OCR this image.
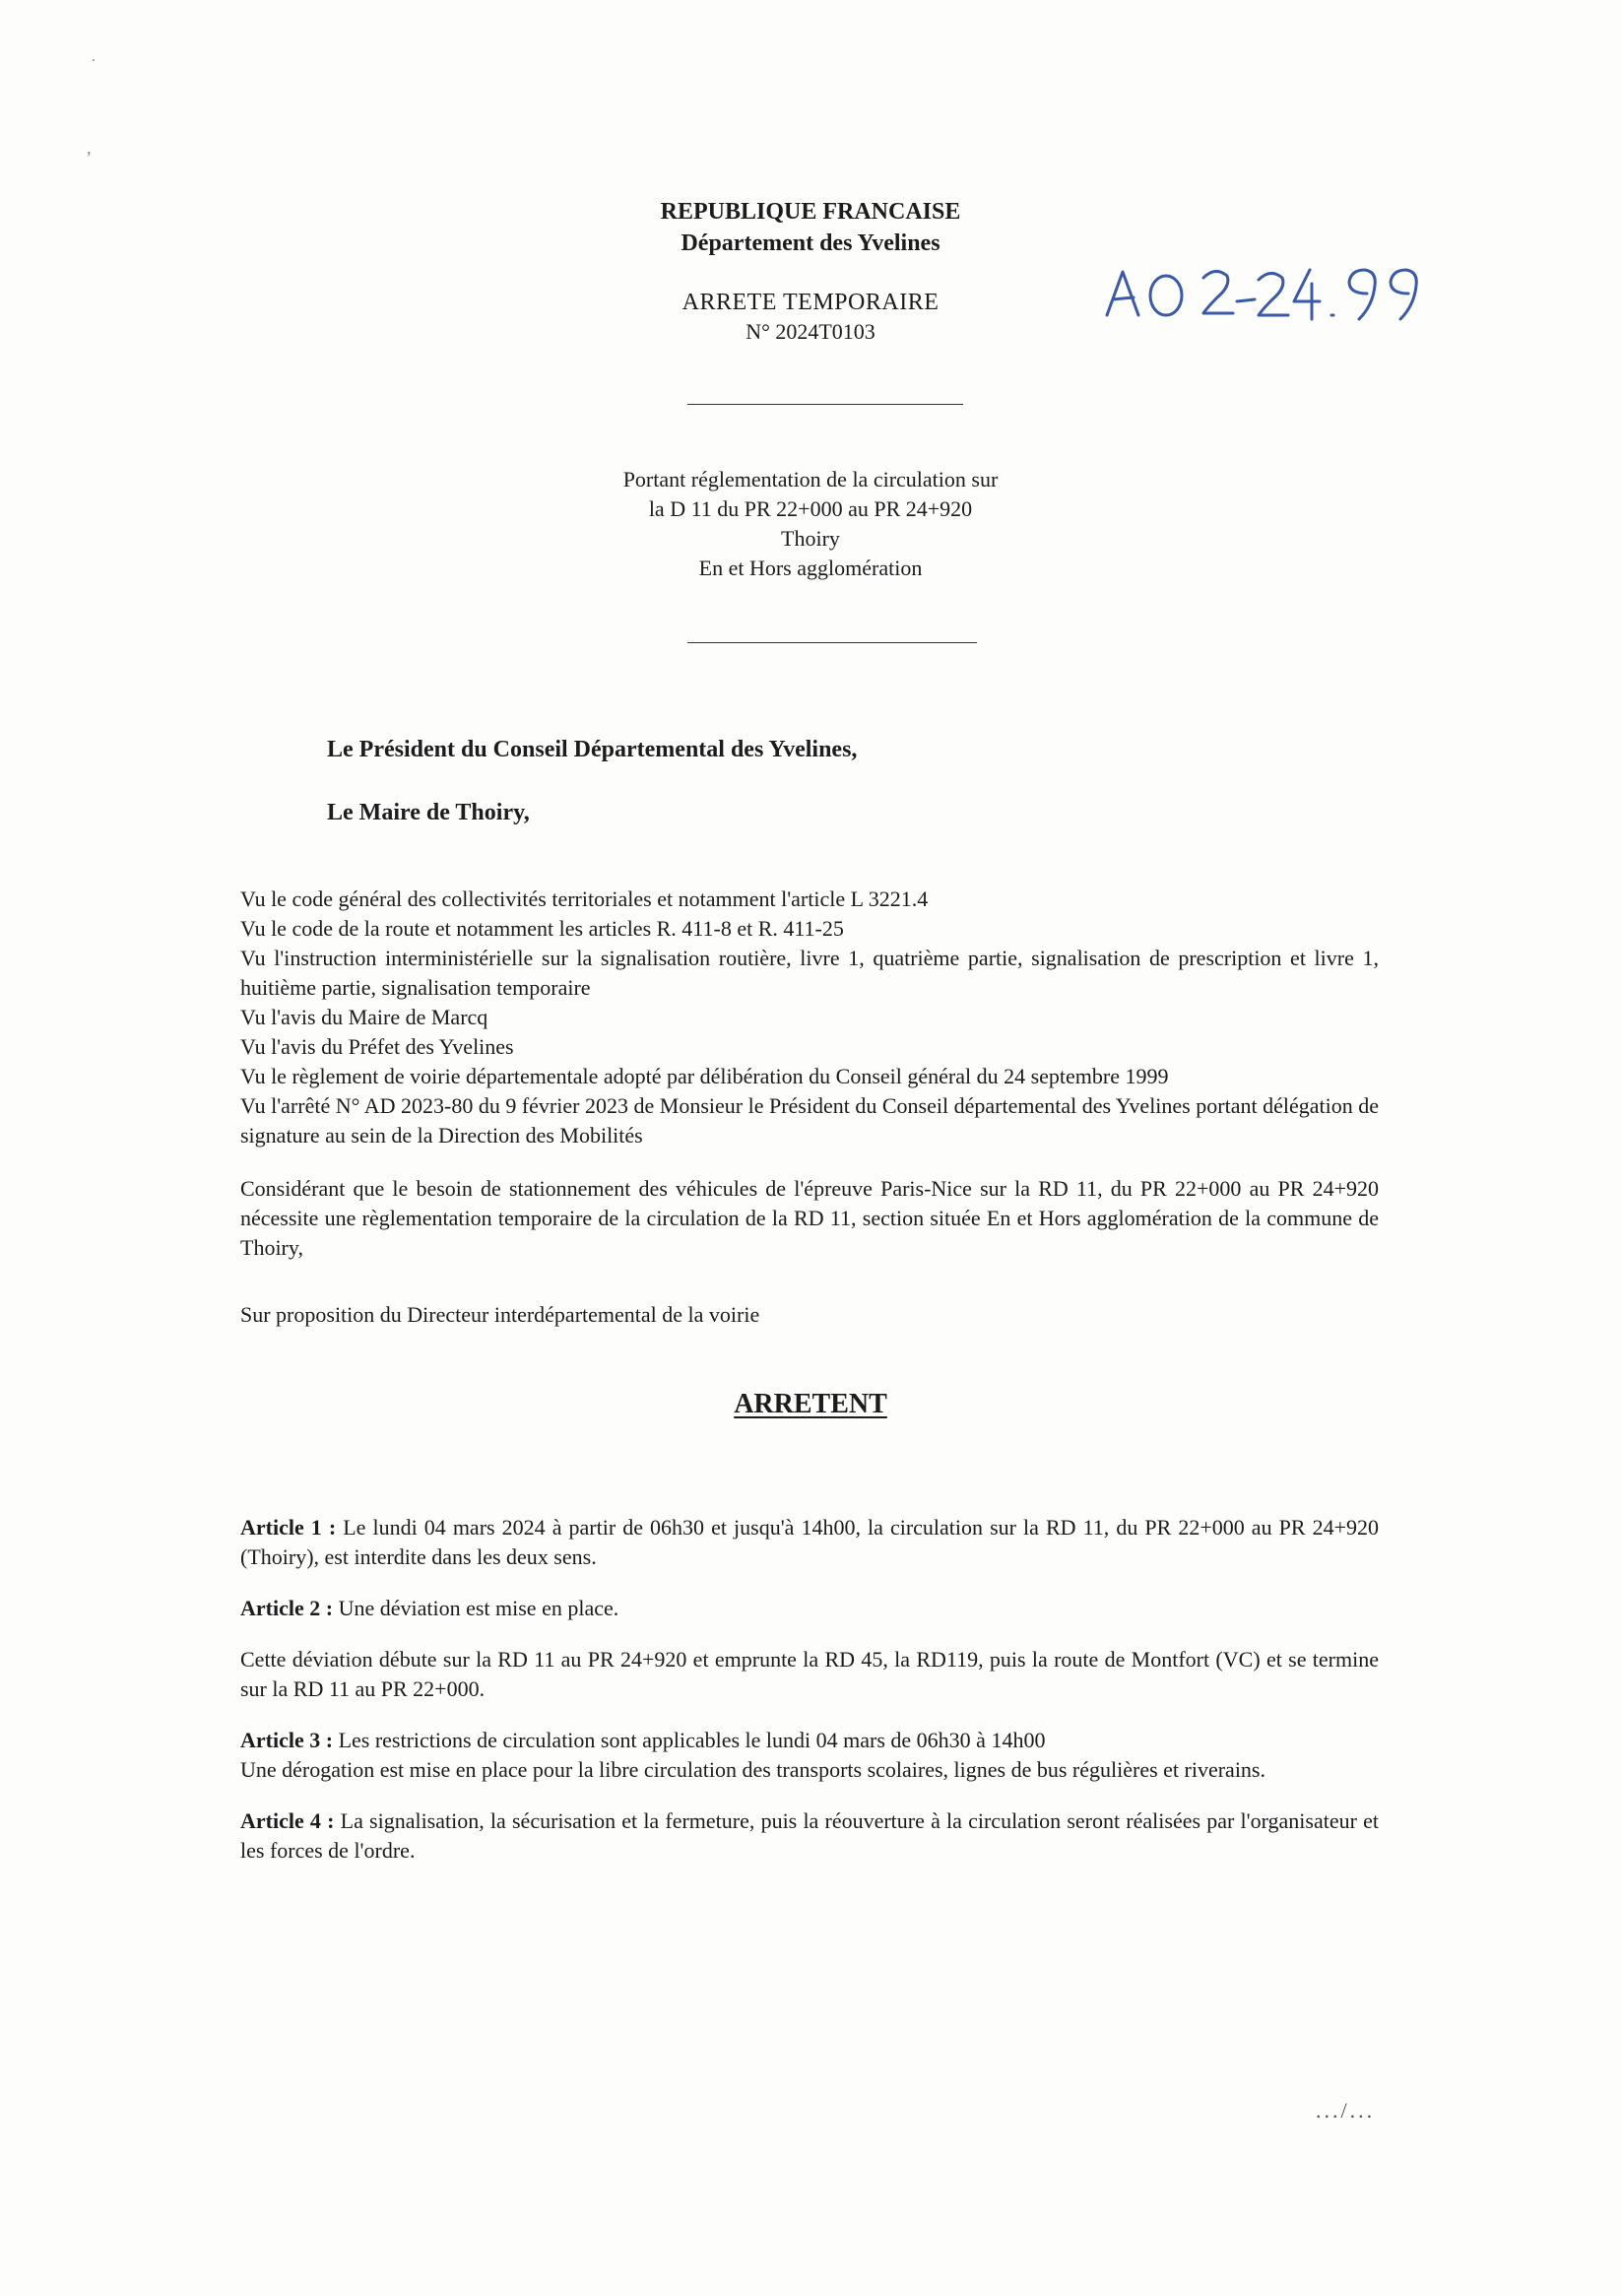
˙
,
REPUBLIQUE FRANCAISE
Département des Yvelines
ARRETE TEMPORAIRE
N° 2024T0103
AO 2-24 .99
Portant réglementation de la circulation sur
la D 11 du PR 22+000 au PR 24+920
Thoiry
En et Hors agglomération
Le Président du Conseil Départemental des Yvelines,
Le Maire de Thoiry,

Vu le code général des collectivités territoriales et notamment l'article L 3221.4

Vu le code de la route et notamment les articles R. 411-8 et R. 411-25

Vu l'instruction interministérielle sur la signalisation routière, livre 1, quatrième partie, signalisation de prescription et livre 1, huitième partie, signalisation temporaire

Vu l'avis du Maire de Marcq

Vu l'avis du Préfet des Yvelines

Vu le règlement de voirie départementale adopté par délibération du Conseil général du 24 septembre 1999

Vu l'arrêté N° AD 2023-80 du 9 février 2023 de Monsieur le Président du Conseil départemental des Yvelines portant délégation de signature au sein de la Direction des Mobilités

Considérant que le besoin de stationnement des véhicules de l'épreuve Paris-Nice sur la RD 11, du PR 22+000 au PR 24+920 nécessite une règlementation temporaire de la circulation de la RD 11, section située En et Hors agglomération de la commune de Thoiry,

Sur proposition du Directeur interdépartemental de la voirie

ARRETENT

Article 1 : Le lundi 04 mars 2024 à partir de 06h30 et jusqu'à 14h00, la circulation sur la RD 11, du PR 22+000 au PR 24+920 (Thoiry), est interdite dans les deux sens.

Article 2 : Une déviation est mise en place.

Cette déviation débute sur la RD 11 au PR 24+920 et emprunte la RD 45, la RD119, puis la route de Montfort (VC) et se termine sur la RD 11 au PR 22+000.

Article 3 : Les restrictions de circulation sont applicables le lundi 04 mars de 06h30 à 14h00
Une dérogation est mise en place pour la libre circulation des transports scolaires, lignes de bus régulières et riverains.

Article 4 : La signalisation, la sécurisation et la fermeture, puis la réouverture à la circulation seront réalisées par l'organisateur et les forces de l'ordre.

.../...
